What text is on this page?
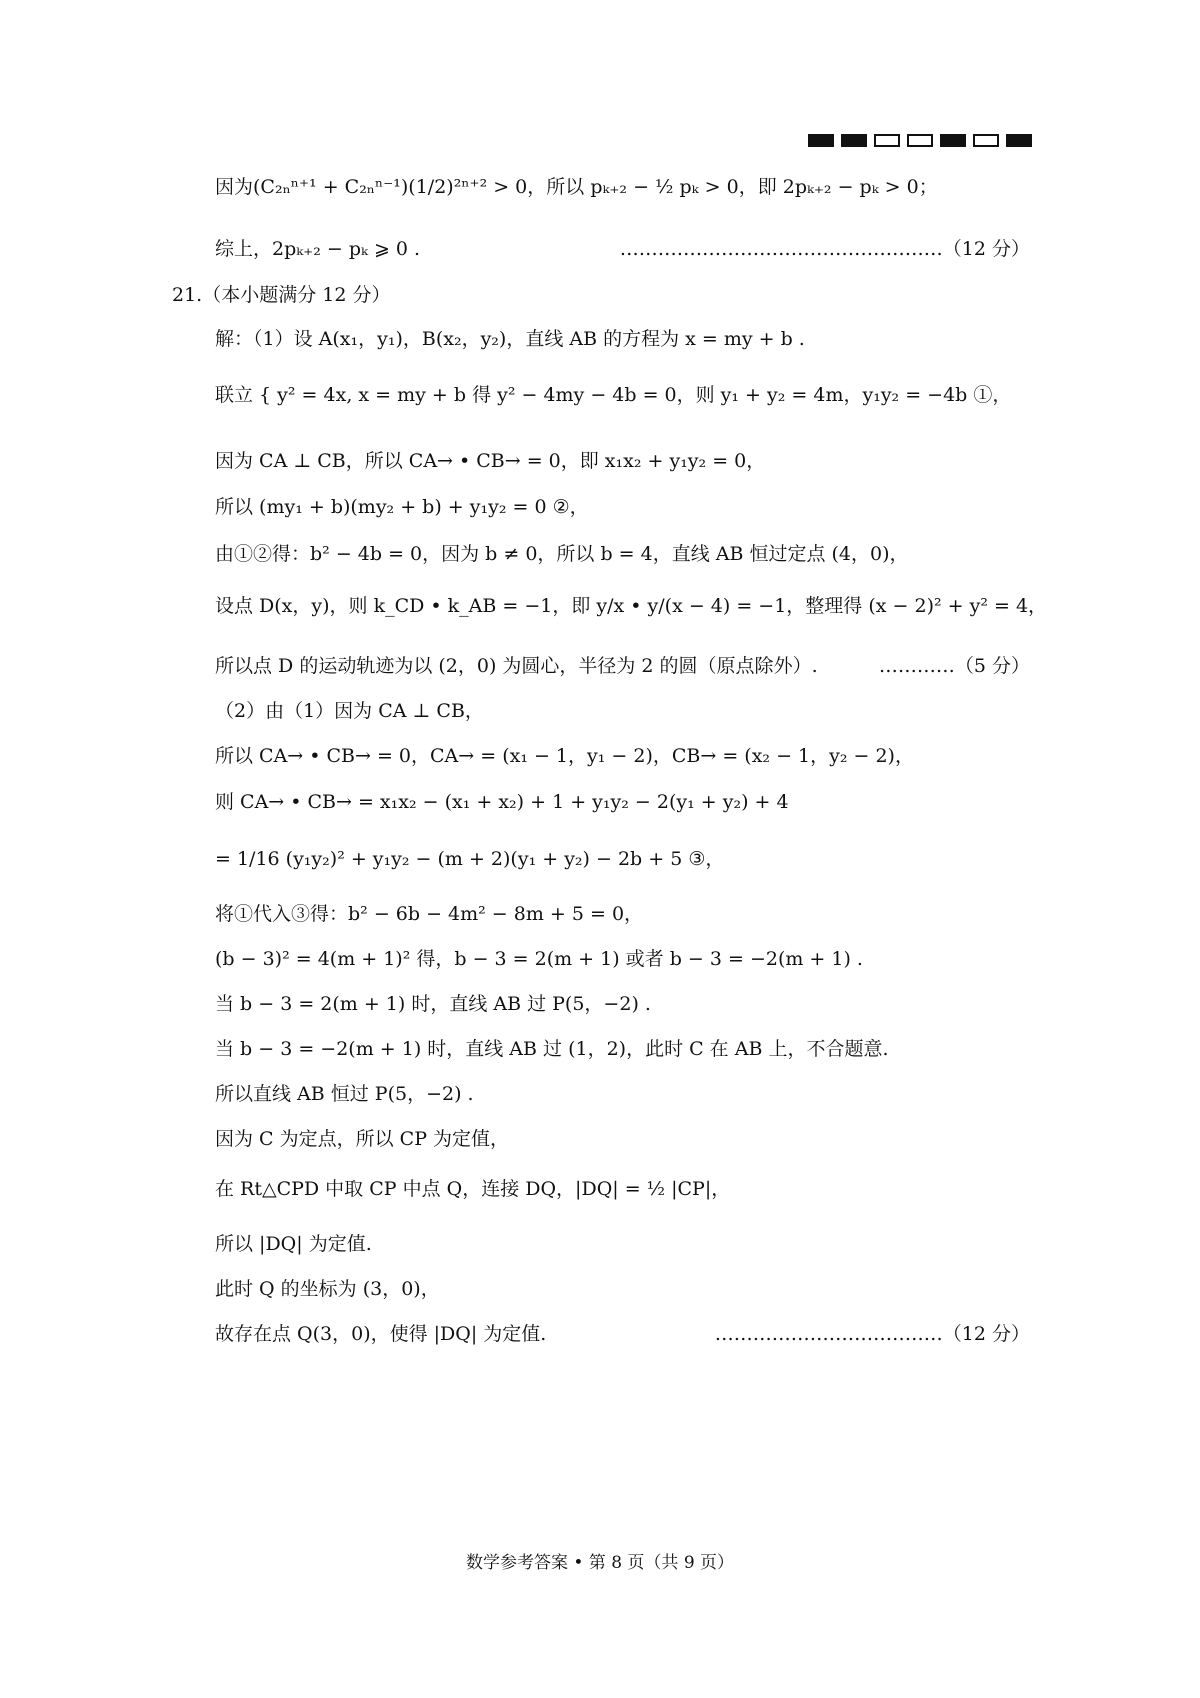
因为(C₂ₙⁿ⁺¹ + C₂ₙⁿ⁻¹)(1/2)²ⁿ⁺² > 0，所以 pₖ₊₂ − ½ pₖ > 0，即 2pₖ₊₂ − pₖ > 0；
综上，2pₖ₊₂ − pₖ ⩾ 0 .	……………………………………………（12 分）
21.（本小题满分 12 分）
解：（1）设 A(x₁，y₁)，B(x₂，y₂)，直线 AB 的方程为 x = my + b .
联立 { y² = 4x, x = my + b 得 y² − 4my − 4b = 0，则 y₁ + y₂ = 4m，y₁y₂ = −4b ①，
因为 CA ⊥ CB，所以 CA→ • CB→ = 0，即 x₁x₂ + y₁y₂ = 0，
所以 (my₁ + b)(my₂ + b) + y₁y₂ = 0 ②，
由①②得：b² − 4b = 0，因为 b ≠ 0，所以 b = 4，直线 AB 恒过定点 (4，0)，
设点 D(x，y)，则 k_CD • k_AB = −1，即 y/x • y/(x − 4) = −1，整理得 (x − 2)² + y² = 4，
所以点 D 的运动轨迹为以 (2，0) 为圆心，半径为 2 的圆（原点除外）.	…………（5 分）
（2）由（1）因为 CA ⊥ CB，
所以 CA→ • CB→ = 0，CA→ = (x₁ − 1，y₁ − 2)，CB→ = (x₂ − 1，y₂ − 2)，
则 CA→ • CB→ = x₁x₂ − (x₁ + x₂) + 1 + y₁y₂ − 2(y₁ + y₂) + 4
= 1/16 (y₁y₂)² + y₁y₂ − (m + 2)(y₁ + y₂) − 2b + 5 ③，
将①代入③得：b² − 6b − 4m² − 8m + 5 = 0，
(b − 3)² = 4(m + 1)² 得，b − 3 = 2(m + 1) 或者 b − 3 = −2(m + 1) .
当 b − 3 = 2(m + 1) 时，直线 AB 过 P(5，−2) .
当 b − 3 = −2(m + 1) 时，直线 AB 过 (1，2)，此时 C 在 AB 上，不合题意.
所以直线 AB 恒过 P(5，−2) .
因为 C 为定点，所以 CP 为定值，
在 Rt△CPD 中取 CP 中点 Q，连接 DQ，|DQ| = ½ |CP|，
所以 |DQ| 为定值.
此时 Q 的坐标为 (3，0)，
故存在点 Q(3，0)，使得 |DQ| 为定值.	………………………………（12 分）
数学参考答案 • 第 8 页（共 9 页）
